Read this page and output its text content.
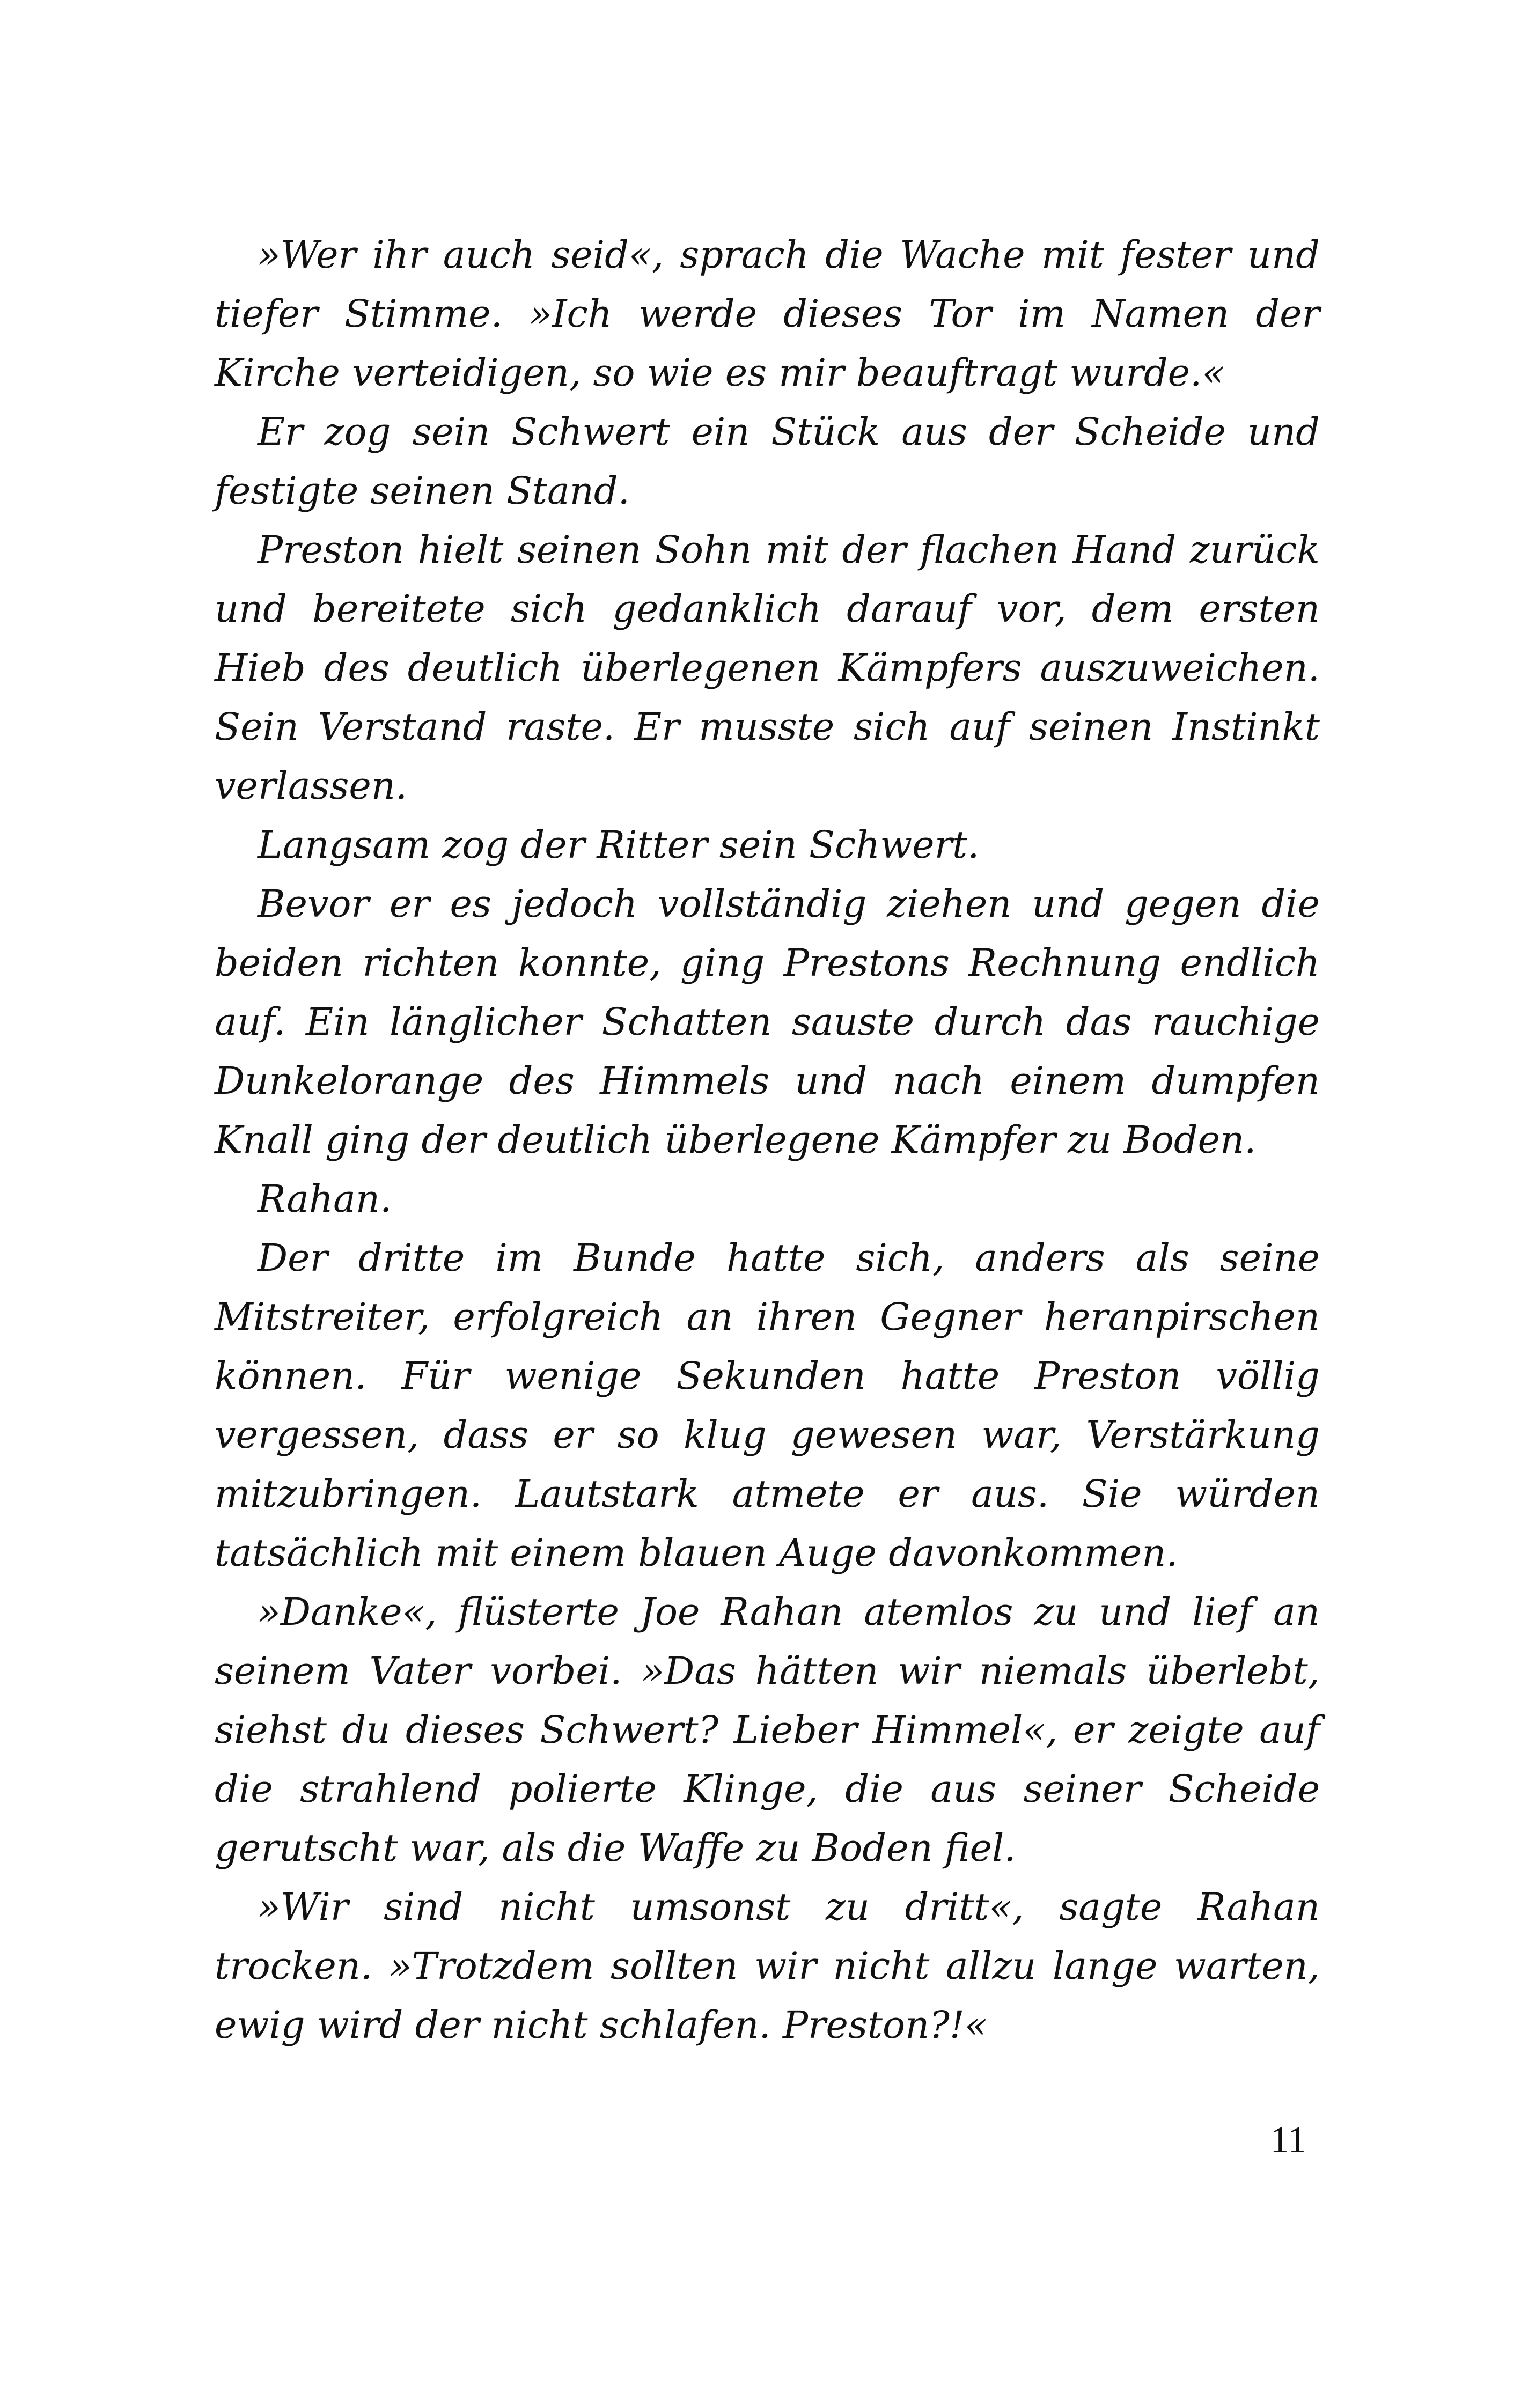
»Wer ihr auch seid«, sprach die Wache mit fester und tiefer Stimme. »Ich werde dieses Tor im Namen der Kirche verteidigen, so wie es mir beauftragt wurde.«

Er zog sein Schwert ein Stück aus der Scheide und festigte seinen Stand.

Preston hielt seinen Sohn mit der flachen Hand zurück und bereitete sich gedanklich darauf vor, dem ersten Hieb des deutlich überlegenen Kämpfers auszuweichen. Sein Verstand raste. Er musste sich auf seinen Instinkt verlassen.

Langsam zog der Ritter sein Schwert.

Bevor er es jedoch vollständig ziehen und gegen die beiden richten konnte, ging Prestons Rechnung endlich auf. Ein länglicher Schatten sauste durch das rauchige Dunkelorange des Himmels und nach einem dumpfen Knall ging der deutlich überlegene Kämpfer zu Boden.

Rahan.

Der dritte im Bunde hatte sich, anders als seine Mitstreiter, erfolgreich an ihren Gegner heranpirschen können. Für wenige Sekunden hatte Preston völlig vergessen, dass er so klug gewesen war, Verstärkung mitzubringen. Lautstark atmete er aus. Sie würden tatsächlich mit einem blauen Auge davonkommen.

»Danke«, flüsterte Joe Rahan atemlos zu und lief an seinem Vater vorbei. »Das hätten wir niemals überlebt, siehst du dieses Schwert? Lieber Himmel«, er zeigte auf die strahlend polierte Klinge, die aus seiner Scheide gerutscht war, als die Waffe zu Boden fiel.

»Wir sind nicht umsonst zu dritt«, sagte Rahan trocken. »Trotzdem sollten wir nicht allzu lange warten, ewig wird der nicht schlafen. Preston?!«

11
